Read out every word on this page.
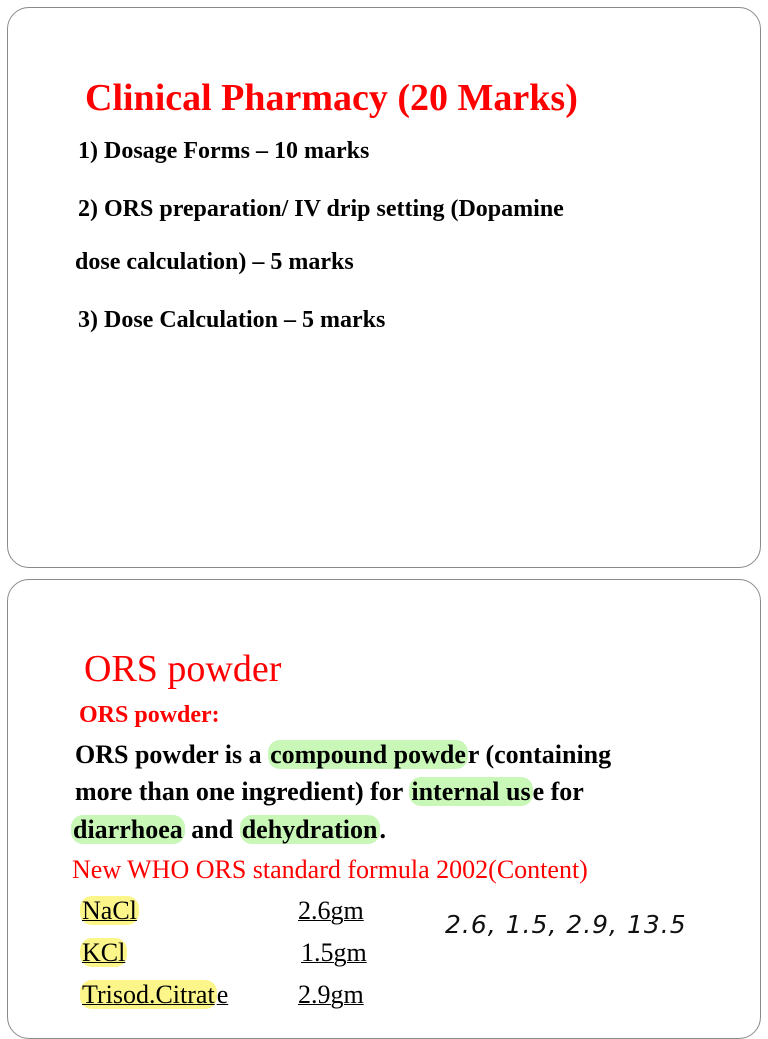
Clinical Pharmacy (20 Marks)
1) Dosage Forms – 10 marks
2) ORS preparation/ IV drip setting (Dopamine
dose calculation) – 5 marks
3) Dose Calculation – 5 marks
ORS powder
ORS powder:
ORS powder is a compound powder (containing
more than one ingredient) for internal use for
diarrhoea and dehydration.
New WHO ORS standard formula 2002(Content)
NaCl	2.6gm
KCl	1.5gm
Trisod.Citrate	2.9gm
2.6, 1.5, 2.9, 13.5
